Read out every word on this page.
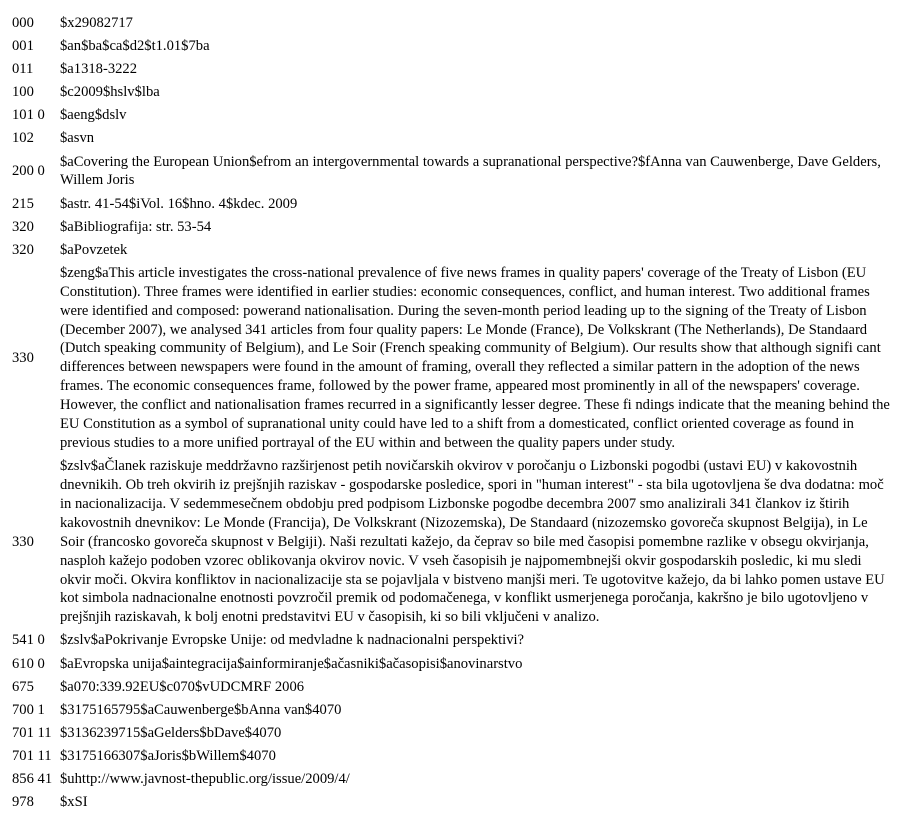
000	$x29082717
001	$an$ba$ca$d2$t1.01$7ba
011	$a1318-3222
100	$c2009$hslv$lba
101 0	$aeng$dslv
102	$asvn
200 0	$aCovering the European Union$efrom an intergovernmental towards a supranational perspective?$fAnna van Cauwenberge, Dave Gelders, Willem Joris
215	$astr. 41-54$iVol. 16$hno. 4$kdec. 2009
320	$aBibliografija: str. 53-54
320	$aPovzetek
330	$zeng$aThis article investigates the cross-national prevalence of five news frames in quality papers' coverage of the Treaty of Lisbon (EU Constitution). Three frames were identified in earlier studies: economic consequences, conflict, and human interest. Two additional frames were identified and composed: powerand nationalisation. During the seven-month period leading up to the signing of the Treaty of Lisbon (December 2007), we analysed 341 articles from four quality papers: Le Monde (France), De Volkskrant (The Netherlands), De Standaard (Dutch speaking community of Belgium), and Le Soir (French speaking community of Belgium). Our results show that although signifi cant differences between newspapers were found in the amount of framing, overall they reflected a similar pattern in the adoption of the news frames. The economic consequences frame, followed by the power frame, appeared most prominently in all of the newspapers' coverage. However, the conflict and nationalisation frames recurred in a significantly lesser degree. These fi ndings indicate that the meaning behind the EU Constitution as a symbol of supranational unity could have led to a shift from a domesticated, conflict oriented coverage as found in previous studies to a more unified portrayal of the EU within and between the quality papers under study.
330	$zslv$aČlanek raziskuje meddržavno razširjenost petih novičarskih okvirov v poročanju o Lizbonski pogodbi (ustavi EU) v kakovostnih dnevnikih. Ob treh okvirih iz prejšnjih raziskav - gospodarske posledice, spori in "human interest" - sta bila ugotovljena še dva dodatna: moč in nacionalizacija. V sedemmesečnem obdobju pred podpisom Lizbonske pogodbe decembra 2007 smo analizirali 341 člankov iz štirih kakovostnih dnevnikov: Le Monde (Francija), De Volkskrant (Nizozemska), De Standaard (nizozemsko govoreča skupnost Belgija), in Le Soir (francosko govoreča skupnost v Belgiji). Naši rezultati kažejo, da čeprav so bile med časopisi pomembne razlike v obsegu okvirjanja, nasploh kažejo podoben vzorec oblikovanja okvirov novic. V vseh časopisih je najpomembnejši okvir gospodarskih posledic, ki mu sledi okvir moči. Okvira konfliktov in nacionalizacije sta se pojavljala v bistveno manjši meri. Te ugotovitve kažejo, da bi lahko pomen ustave EU kot simbola nadnacionalne enotnosti povzročil premik od podomačenega, v konflikt usmerjenega poročanja, kakršno je bilo ugotovljeno v prejšnjih raziskavah, k bolj enotni predstavitvi EU v časopisih, ki so bili vključeni v analizo.
541 0	$zslv$aPokrivanje Evropske Unije: od medvladne k nadnacionalni perspektivi?
610 0	$aEvropska unija$aintegracija$ainformiranje$ačasniki$ačasopisi$anovinarstvo
675	$a070:339.92EU$c070$vUDCMRF 2006
700 1	$3175165795$aCauwenberge$bAnna van$4070
701 11	$3136239715$aGelders$bDave$4070
701 11	$3175166307$aJoris$bWillem$4070
856 41	$uhttp://www.javnost-thepublic.org/issue/2009/4/
978	$xSI
